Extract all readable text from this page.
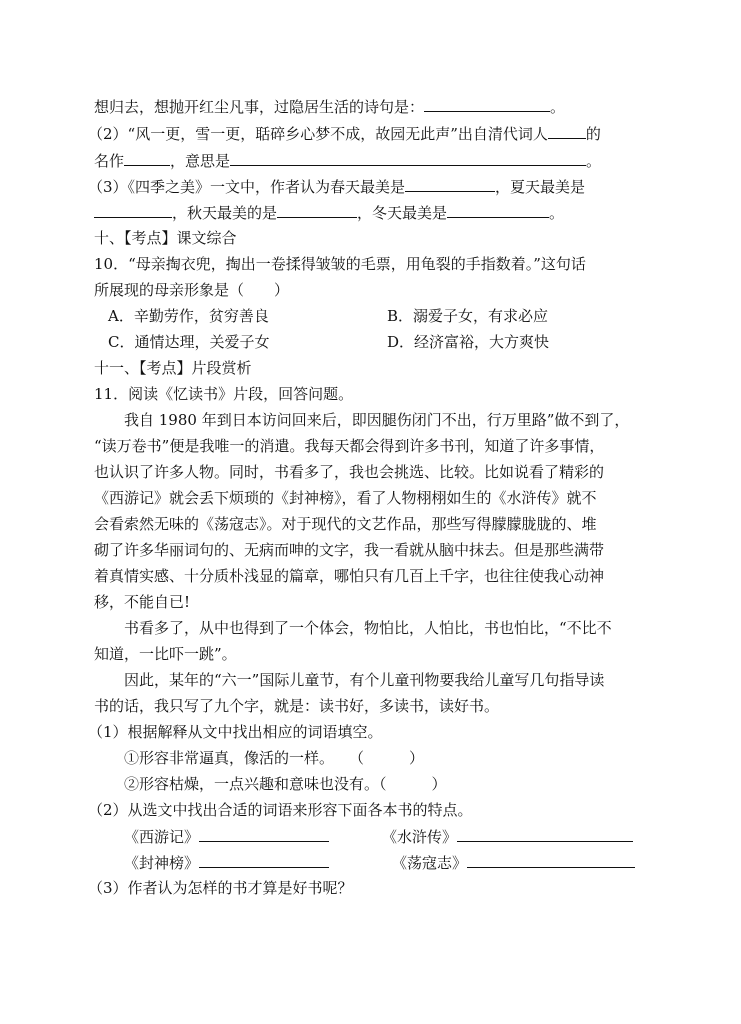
想归去，想抛开红尘凡事，过隐居生活的诗句是：	。
（2）“风一更，雪一更，聒碎乡心梦不成，故园无此声”出自清代词人	的
名作	，意思是	。
（3）《四季之美》一文中，作者认为春天最美是	，夏天最美是
，秋天最美的是	，冬天最美是	。
十、【考点】课文综合
10．“母亲掏衣兜，掏出一卷揉得皱皱的毛票，用龟裂的手指数着。”这句话
所展现的母亲形象是（　　）
A．辛勤劳作，贫穷善良	B．溺爱子女，有求必应
C．通情达理，关爱子女	D．经济富裕，大方爽快
十一、【考点】片段赏析
11．阅读《忆读书》片段，回答问题。
我自 1980 年到日本访问回来后，即因腿伤闭门不出，行万里路”做不到了，
“读万卷书”便是我唯一的消遣。我每天都会得到许多书刊，知道了许多事情，
也认识了许多人物。同时，书看多了，我也会挑选、比较。比如说看了精彩的
《西游记》就会丢下烦琐的《封神榜》，看了人物栩栩如生的《水浒传》就不
会看索然无味的《荡寇志》。对于现代的文艺作品，那些写得朦朦胧胧的、堆
砌了许多华丽词句的、无病而呻的文字，我一看就从脑中抹去。但是那些满带
着真情实感、十分质朴浅显的篇章，哪怕只有几百上千字，也往往使我心动神
移，不能自已!
书看多了，从中也得到了一个体会，物怕比，人怕比，书也怕比，“不比不
知道，一比吓一跳”。
因此，某年的“六一”国际儿童节，有个儿童刊物要我给儿童写几句指导读
书的话，我只写了九个字，就是：读书好，多读书，读好书。
（1）根据解释从文中找出相应的词语填空。
①形容非常逼真，像活的一样。　　（　　　）
②形容枯燥，一点兴趣和意味也没有。（　　　）
（2）从选文中找出合适的词语来形容下面各本书的特点。
《西游记》	《水浒传》
《封神榜》	《荡寇志》
（3）作者认为怎样的书才算是好书呢？
